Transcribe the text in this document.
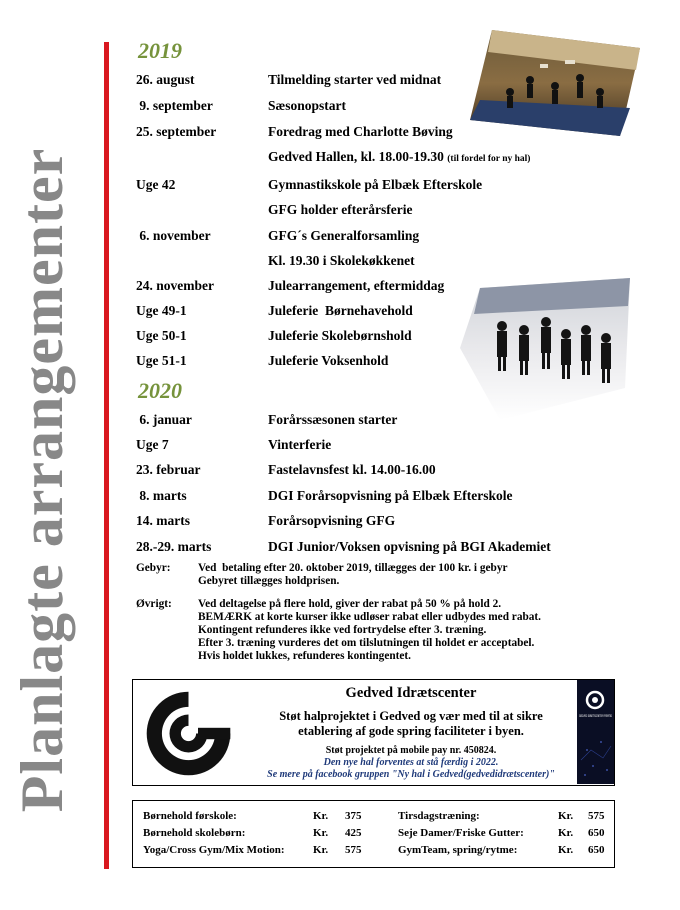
Planlagte arrangementer
2019
26. august	Tilmelding starter ved midnat
9. september	Sæsonopstart
25. september	Foredrag med Charlotte Bøving
Gedved Hallen, kl. 18.00-19.30 (til fordel for ny hal)
Uge 42	Gymnastikskole på Elbæk Efterskole
GFG holder efterårsferie
6. november	GFG´s Generalforsamling
Kl. 19.30 i Skolekøkkenet
24. november	Julearrangement, eftermiddag
Uge 49-1	Juleferie  Børnehavehold
Uge 50-1	Juleferie Skolebørnshold
Uge 51-1	Juleferie Voksenhold
2020
6. januar	Forårssæsonen starter
Uge 7	Vinterferie
23. februar	Fastelavnsfest kl. 14.00-16.00
8. marts	DGI Forårsopvisning på Elbæk Efterskole
14. marts	Forårsopvisning GFG
28.-29. marts	DGI Junior/Voksen opvisning på BGI Akademiet
Gebyr: Ved  betaling efter 20. oktober 2019, tillægges der 100 kr. i gebyr
Gebyret tillægges holdprisen.
Øvrigt: Ved deltagelse på flere hold, giver der rabat på 50 % på hold 2.
BEMÆRK at korte kurser ikke udløser rabat eller udbydes med rabat.
Kontingent refunderes ikke ved fortrydelse efter 3. træning.
Efter 3. træning vurderes det om tilslutningen til holdet er acceptabel.
Hvis holdet lukkes, refunderes kontingentet.
Gedved Idrætscenter
Støt halprojektet i Gedved og vær med til at sikre
etablering af gode spring faciliteter i byen.
Støt projektet på mobile pay nr. 450824.
Den nye hal forventes at stå færdig i 2022.
Se mere på facebook gruppen "Ny hal i Gedved(gedvedidrætscenter)"
GEDVED IDRÆTSCENTER FREMTID
Børnehold førskole:	Kr. 375
Børnehold skolebørn:	Kr. 425
Yoga/Cross Gym/Mix Motion:	Kr. 575
Tirsdagstræning:	Kr. 575
Seje Damer/Friske Gutter:	Kr. 650
GymTeam, spring/rytme:	Kr. 650
